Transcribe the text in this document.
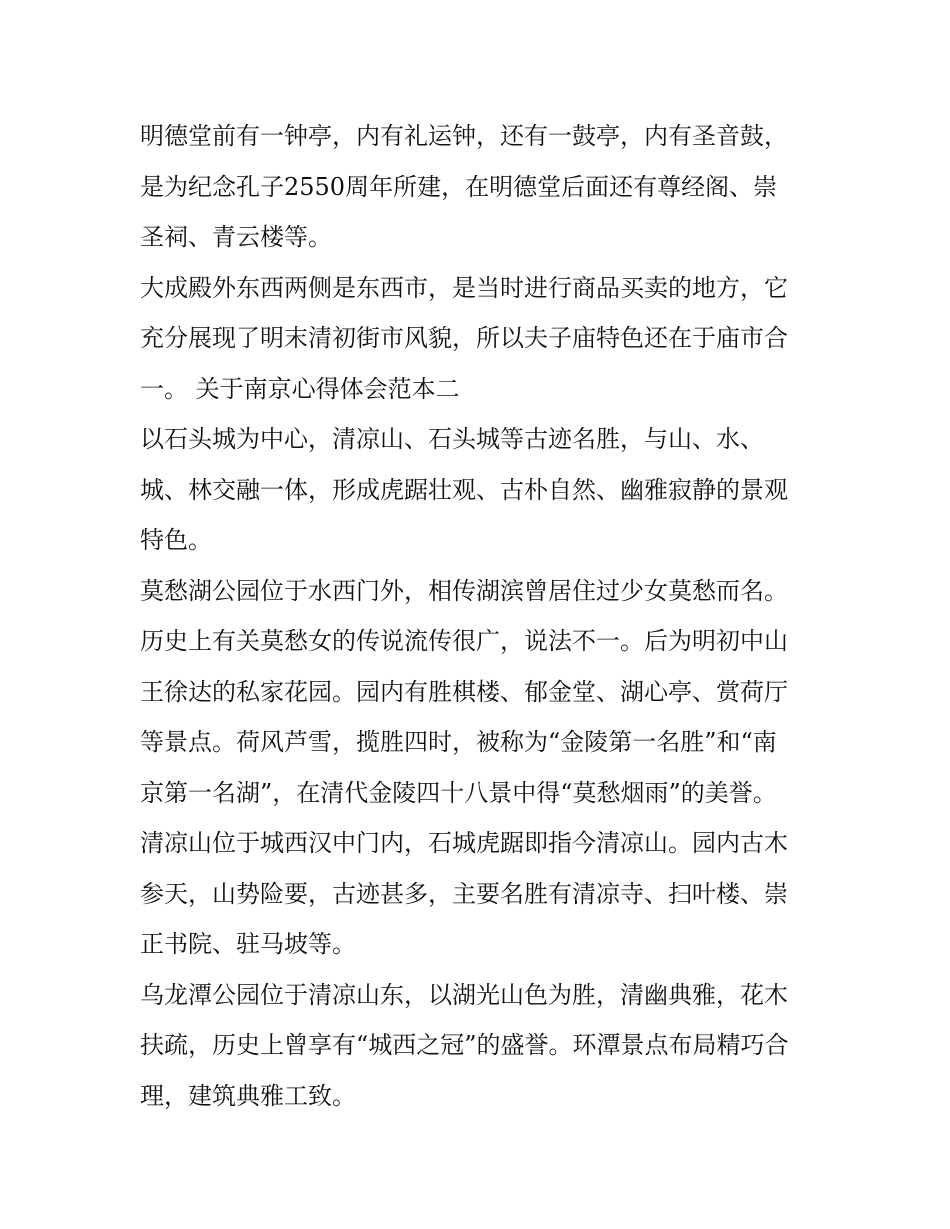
明德堂前有一钟亭，内有礼运钟，还有一鼓亭，内有圣音鼓，
是为纪念孔子2550周年所建，在明德堂后面还有尊经阁、崇
圣祠、青云楼等。

大成殿外东西两侧是东西市，是当时进行商品买卖的地方，它
充分展现了明末清初街市风貌，所以夫子庙特色还在于庙市合
一。 关于南京心得体会范本二

以石头城为中心，清凉山、石头城等古迹名胜，与山、水、
城、林交融一体，形成虎踞壮观、古朴自然、幽雅寂静的景观
特色。

莫愁湖公园位于水西门外，相传湖滨曾居住过少女莫愁而名。
历史上有关莫愁女的传说流传很广，说法不一。后为明初中山
王徐达的私家花园。园内有胜棋楼、郁金堂、湖心亭、赏荷厅
等景点。荷风芦雪，揽胜四时，被称为“金陵第一名胜”和“南
京第一名湖”，在清代金陵四十八景中得“莫愁烟雨”的美誉。

清凉山位于城西汉中门内，石城虎踞即指今清凉山。园内古木
参天，山势险要，古迹甚多，主要名胜有清凉寺、扫叶楼、崇
正书院、驻马坡等。

乌龙潭公园位于清凉山东，以湖光山色为胜，清幽典雅，花木
扶疏，历史上曾享有“城西之冠”的盛誉。环潭景点布局精巧合
理，建筑典雅工致。
